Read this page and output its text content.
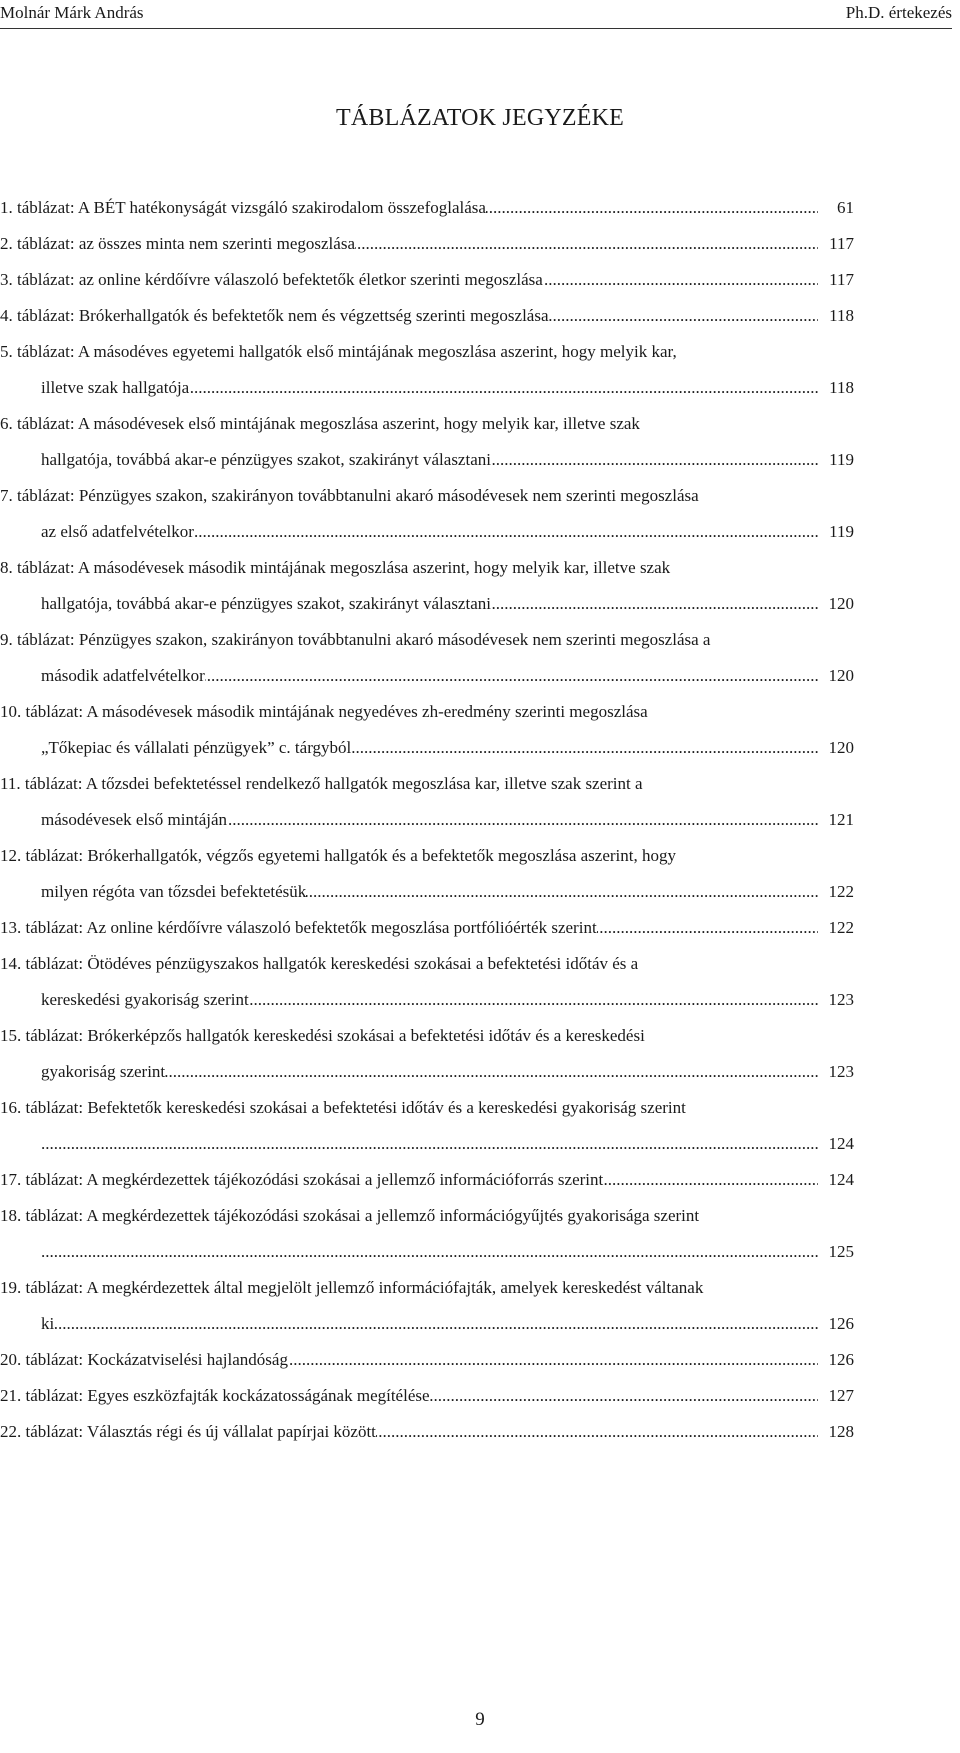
Molnár Márk András	Ph.D. értekezés
TÁBLÁZATOK JEGYZÉKE
.....
1. táblázat: A BÉT hatékonyságát vizsgáló szakirodalom összefoglalása	61
.....
2. táblázat: az összes minta nem szerinti megoszlása	117
.....
3. táblázat: az online kérdőívre válaszoló befektetők életkor szerinti megoszlása	117
.....
4. táblázat: Brókerhallgatók és befektetők nem és végzettség szerinti megoszlása	118
5. táblázat: A másodéves egyetemi hallgatók első mintájának megoszlása aszerint, hogy melyik kar,
.....
illetve szak hallgatója	118
6. táblázat: A másodévesek első mintájának megoszlása aszerint, hogy melyik kar, illetve szak
.....
hallgatója, továbbá akar-e pénzügyes szakot, szakirányt választani	119
7. táblázat: Pénzügyes szakon, szakirányon továbbtanulni akaró másodévesek nem szerinti megoszlása
.....
az első adatfelvételkor	119
8. táblázat: A másodévesek második mintájának megoszlása aszerint, hogy melyik kar, illetve szak
.....
hallgatója, továbbá akar-e pénzügyes szakot, szakirányt választani	120
9. táblázat: Pénzügyes szakon, szakirányon továbbtanulni akaró másodévesek nem szerinti megoszlása a
.....
második adatfelvételkor	120
10. táblázat: A másodévesek második mintájának negyedéves zh-eredmény szerinti megoszlása
.....
„Tőkepiac és vállalati pénzügyek” c. tárgyból	120
11. táblázat: A tőzsdei befektetéssel rendelkező hallgatók megoszlása kar, illetve szak szerint a
.....
másodévesek első mintáján	121
12. táblázat: Brókerhallgatók, végzős egyetemi hallgatók és a befektetők megoszlása aszerint, hogy
.....
milyen régóta van tőzsdei befektetésük	122
.....
13. táblázat: Az online kérdőívre válaszoló befektetők megoszlása portfólióérték szerint	122
14. táblázat: Ötödéves pénzügyszakos hallgatók kereskedési szokásai a befektetési időtáv és a
.....
kereskedési gyakoriság szerint	123
15. táblázat: Brókerképzős hallgatók kereskedési szokásai a befektetési időtáv és a kereskedési
.....
gyakoriság szerint	123
16. táblázat: Befektetők kereskedési szokásai a befektetési időtáv és a kereskedési gyakoriság szerint
.....
124
.....
17. táblázat: A megkérdezettek tájékozódási szokásai a jellemző információforrás szerint	124
18. táblázat: A megkérdezettek tájékozódási szokásai a jellemző információgyűjtés gyakorisága szerint
.....
125
19. táblázat: A megkérdezettek által megjelölt jellemző információfajták, amelyek kereskedést váltanak
.....
ki	126
.....
20. táblázat: Kockázatviselési hajlandóság	126
.....
21. táblázat: Egyes eszközfajták kockázatosságának megítélése	127
.....
22. táblázat: Választás régi és új vállalat papírjai között	128
9
